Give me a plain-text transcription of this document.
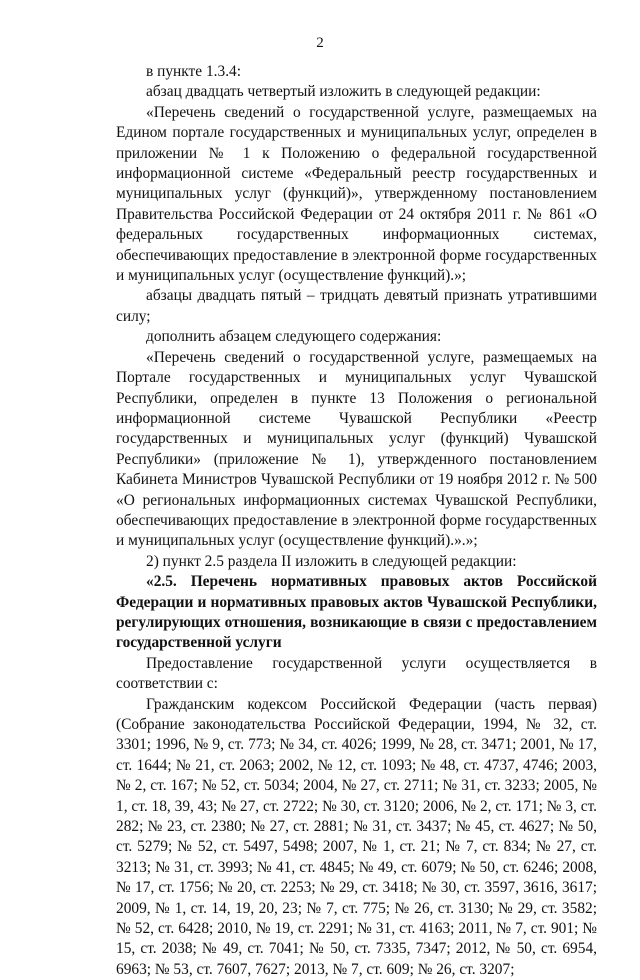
2

в пункте 1.3.4:

абзац двадцать четвертый изложить в следующей редакции:

«Перечень сведений о государственной услуге, размещаемых на Едином портале государственных и муниципальных услуг, определен в приложении № 1 к Положению о федеральной государственной информационной системе «Федеральный реестр государственных и муниципальных услуг (функций)», утвержденному постановлением Правительства Российской Федерации от 24 октября 2011 г. № 861 «О федеральных государственных информационных системах, обеспечивающих предоставление в электронной форме государственных и муниципальных услуг (осуществление функций).»;

абзацы двадцать пятый – тридцать девятый признать утратившими силу;

дополнить абзацем следующего содержания:

«Перечень сведений о государственной услуге, размещаемых на Портале государственных и муниципальных услуг Чувашской Республики, определен в пункте 13 Положения о региональной информационной системе Чувашской Республики «Реестр государственных и муниципальных услуг (функций) Чувашской Республики» (приложение № 1), утвержденного постановлением Кабинета Министров Чувашской Республики от 19 ноября 2012 г. № 500 «О региональных информационных системах Чувашской Республики, обеспечивающих предоставление в электронной форме государственных и муниципальных услуг (осуществление функций).».»;

2) пункт 2.5 раздела II изложить в следующей редакции:

«2.5. Перечень нормативных правовых актов Российской Федерации и нормативных правовых актов Чувашской Республики, регулирующих отношения, возникающие в связи с предоставлением государственной услуги

Предоставление государственной услуги осуществляется в соответствии с:

Гражданским кодексом Российской Федерации (часть первая) (Собрание законодательства Российской Федерации, 1994, № 32, ст. 3301; 1996, № 9, ст. 773; № 34, ст. 4026; 1999, № 28, ст. 3471; 2001, № 17, ст. 1644; № 21, ст. 2063; 2002, № 12, ст. 1093; № 48, ст. 4737, 4746; 2003, № 2, ст. 167; № 52, ст. 5034; 2004, № 27, ст. 2711; № 31, ст. 3233; 2005, № 1, ст. 18, 39, 43; № 27, ст. 2722; № 30, ст. 3120; 2006, № 2, ст. 171; № 3, ст. 282; № 23, ст. 2380; № 27, ст. 2881; № 31, ст. 3437; № 45, ст. 4627; № 50, ст. 5279; № 52, ст. 5497, 5498; 2007, № 1, ст. 21; № 7, ст. 834; № 27, ст. 3213; № 31, ст. 3993; № 41, ст. 4845; № 49, ст. 6079; № 50, ст. 6246; 2008, № 17, ст. 1756; № 20, ст. 2253; № 29, ст. 3418; № 30, ст. 3597, 3616, 3617; 2009, № 1, ст. 14, 19, 20, 23; № 7, ст. 775; № 26, ст. 3130; № 29, ст. 3582; № 52, ст. 6428; 2010, № 19, ст. 2291; № 31, ст. 4163; 2011, № 7, ст. 901; № 15, ст. 2038; № 49, ст. 7041; № 50, ст. 7335, 7347; 2012, № 50, ст. 6954, 6963; № 53, ст. 7607, 7627; 2013, № 7, ст. 609; № 26, ст. 3207;
